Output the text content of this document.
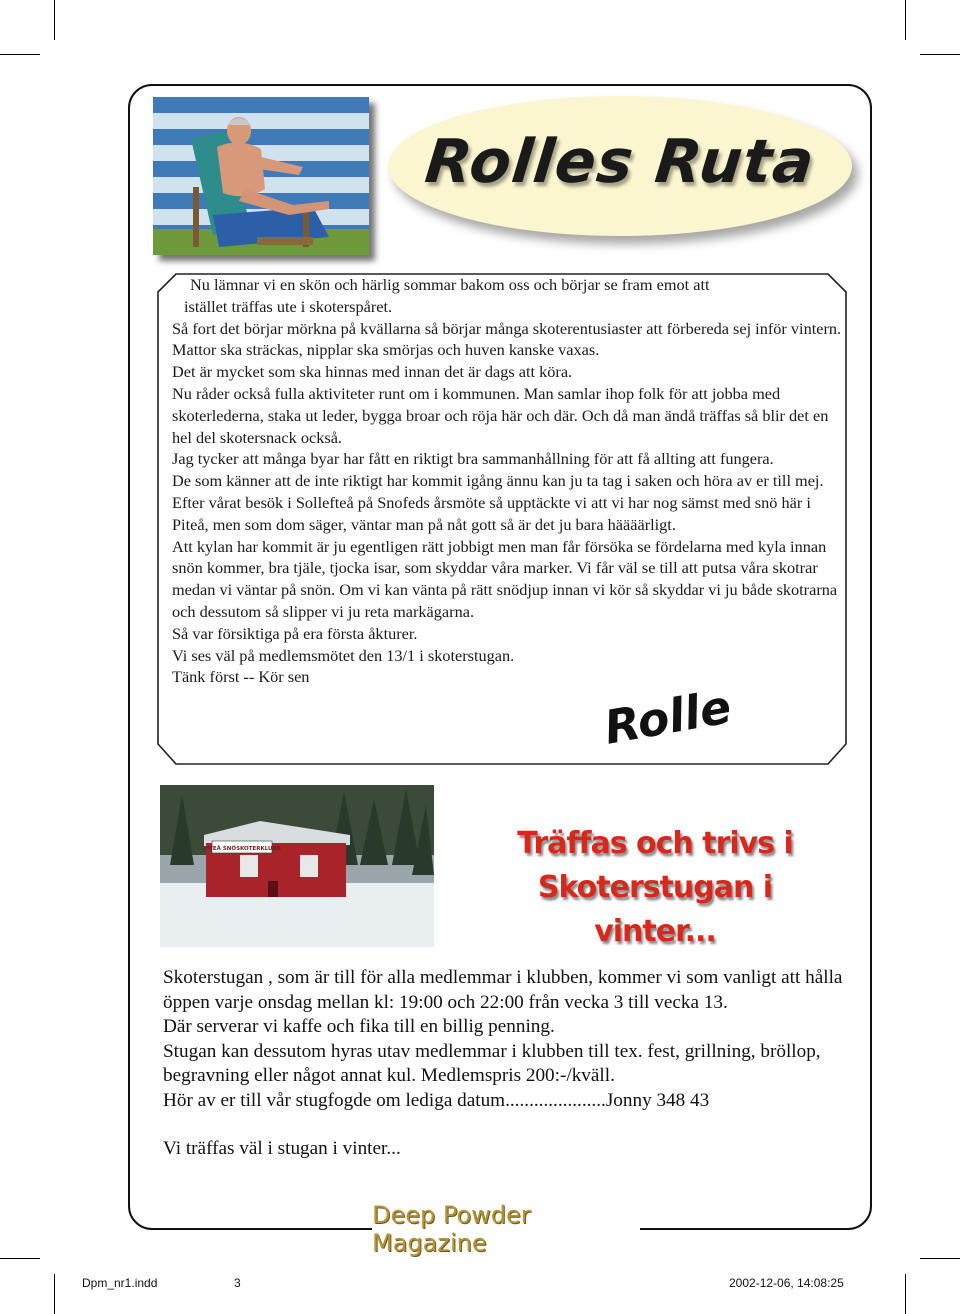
Rolles Ruta

Nu lämnar vi en skön och härlig sommar bakom oss och börjar se fram emot att

istället träffas ute i skoterspåret.

Så fort det börjar mörkna på kvällarna så börjar många skoterentusiaster att förbereda sej inför vintern. Mattor ska sträckas, nipplar ska smörjas och huven kanske vaxas.

Det är mycket som ska hinnas med innan det är dags att köra.

Nu råder också fulla aktiviteter runt om i kommunen. Man samlar ihop folk för att jobba med skoterlederna, staka ut leder, bygga broar och röja här och där. Och då man ändå träffas så blir det en hel del skotersnack också.

Jag tycker att många byar har fått en riktigt bra sammanhållning för att få allting att fungera.

De som känner att de inte riktigt har kommit igång ännu kan ju ta tag i saken och höra av er till mej.

Efter vårat besök i Sollefteå på Snofeds årsmöte så upptäckte vi att vi har nog sämst med snö här i Piteå, men som dom säger, väntar man på nåt gott så är det ju bara häääärligt.

Att kylan har kommit är ju egentligen rätt jobbigt men man får försöka se fördelarna med kyla innan snön kommer, bra tjäle, tjocka isar, som skyddar våra marker. Vi får väl se till att putsa våra skotrar medan vi väntar på snön. Om vi kan vänta på rätt snödjup innan vi kör så skyddar vi ju både skotrarna och dessutom så slipper vi ju reta markägarna.

Så var försiktiga på era första åkturer.

Vi ses väl på medlemsmötet den 13/1 i skoterstugan.

Tänk först -- Kör sen

Rolle
PITEÅ SNÖSKOTERKLUBB	Träffas och trivs i
Skoterstugan i vinter...

Skoterstugan , som är till för alla medlemmar i klubben, kommer vi som vanligt att hålla öppen varje onsdag mellan kl: 19:00 och 22:00 från vecka 3 till vecka 13.

Där serverar vi kaffe och fika till en billig penning.

Stugan kan dessutom hyras utav medlemmar i klubben till tex. fest, grillning, bröllop, begravning eller något annat kul. Medlemspris 200:-/kväll.

Hör av er till vår stugfogde om lediga datum.....................Jonny 348 43

Vi träffas väl i stugan i vinter...

Deep Powder Magazine
Dpm_nr1.indd	3	2002-12-06, 14:08:25
